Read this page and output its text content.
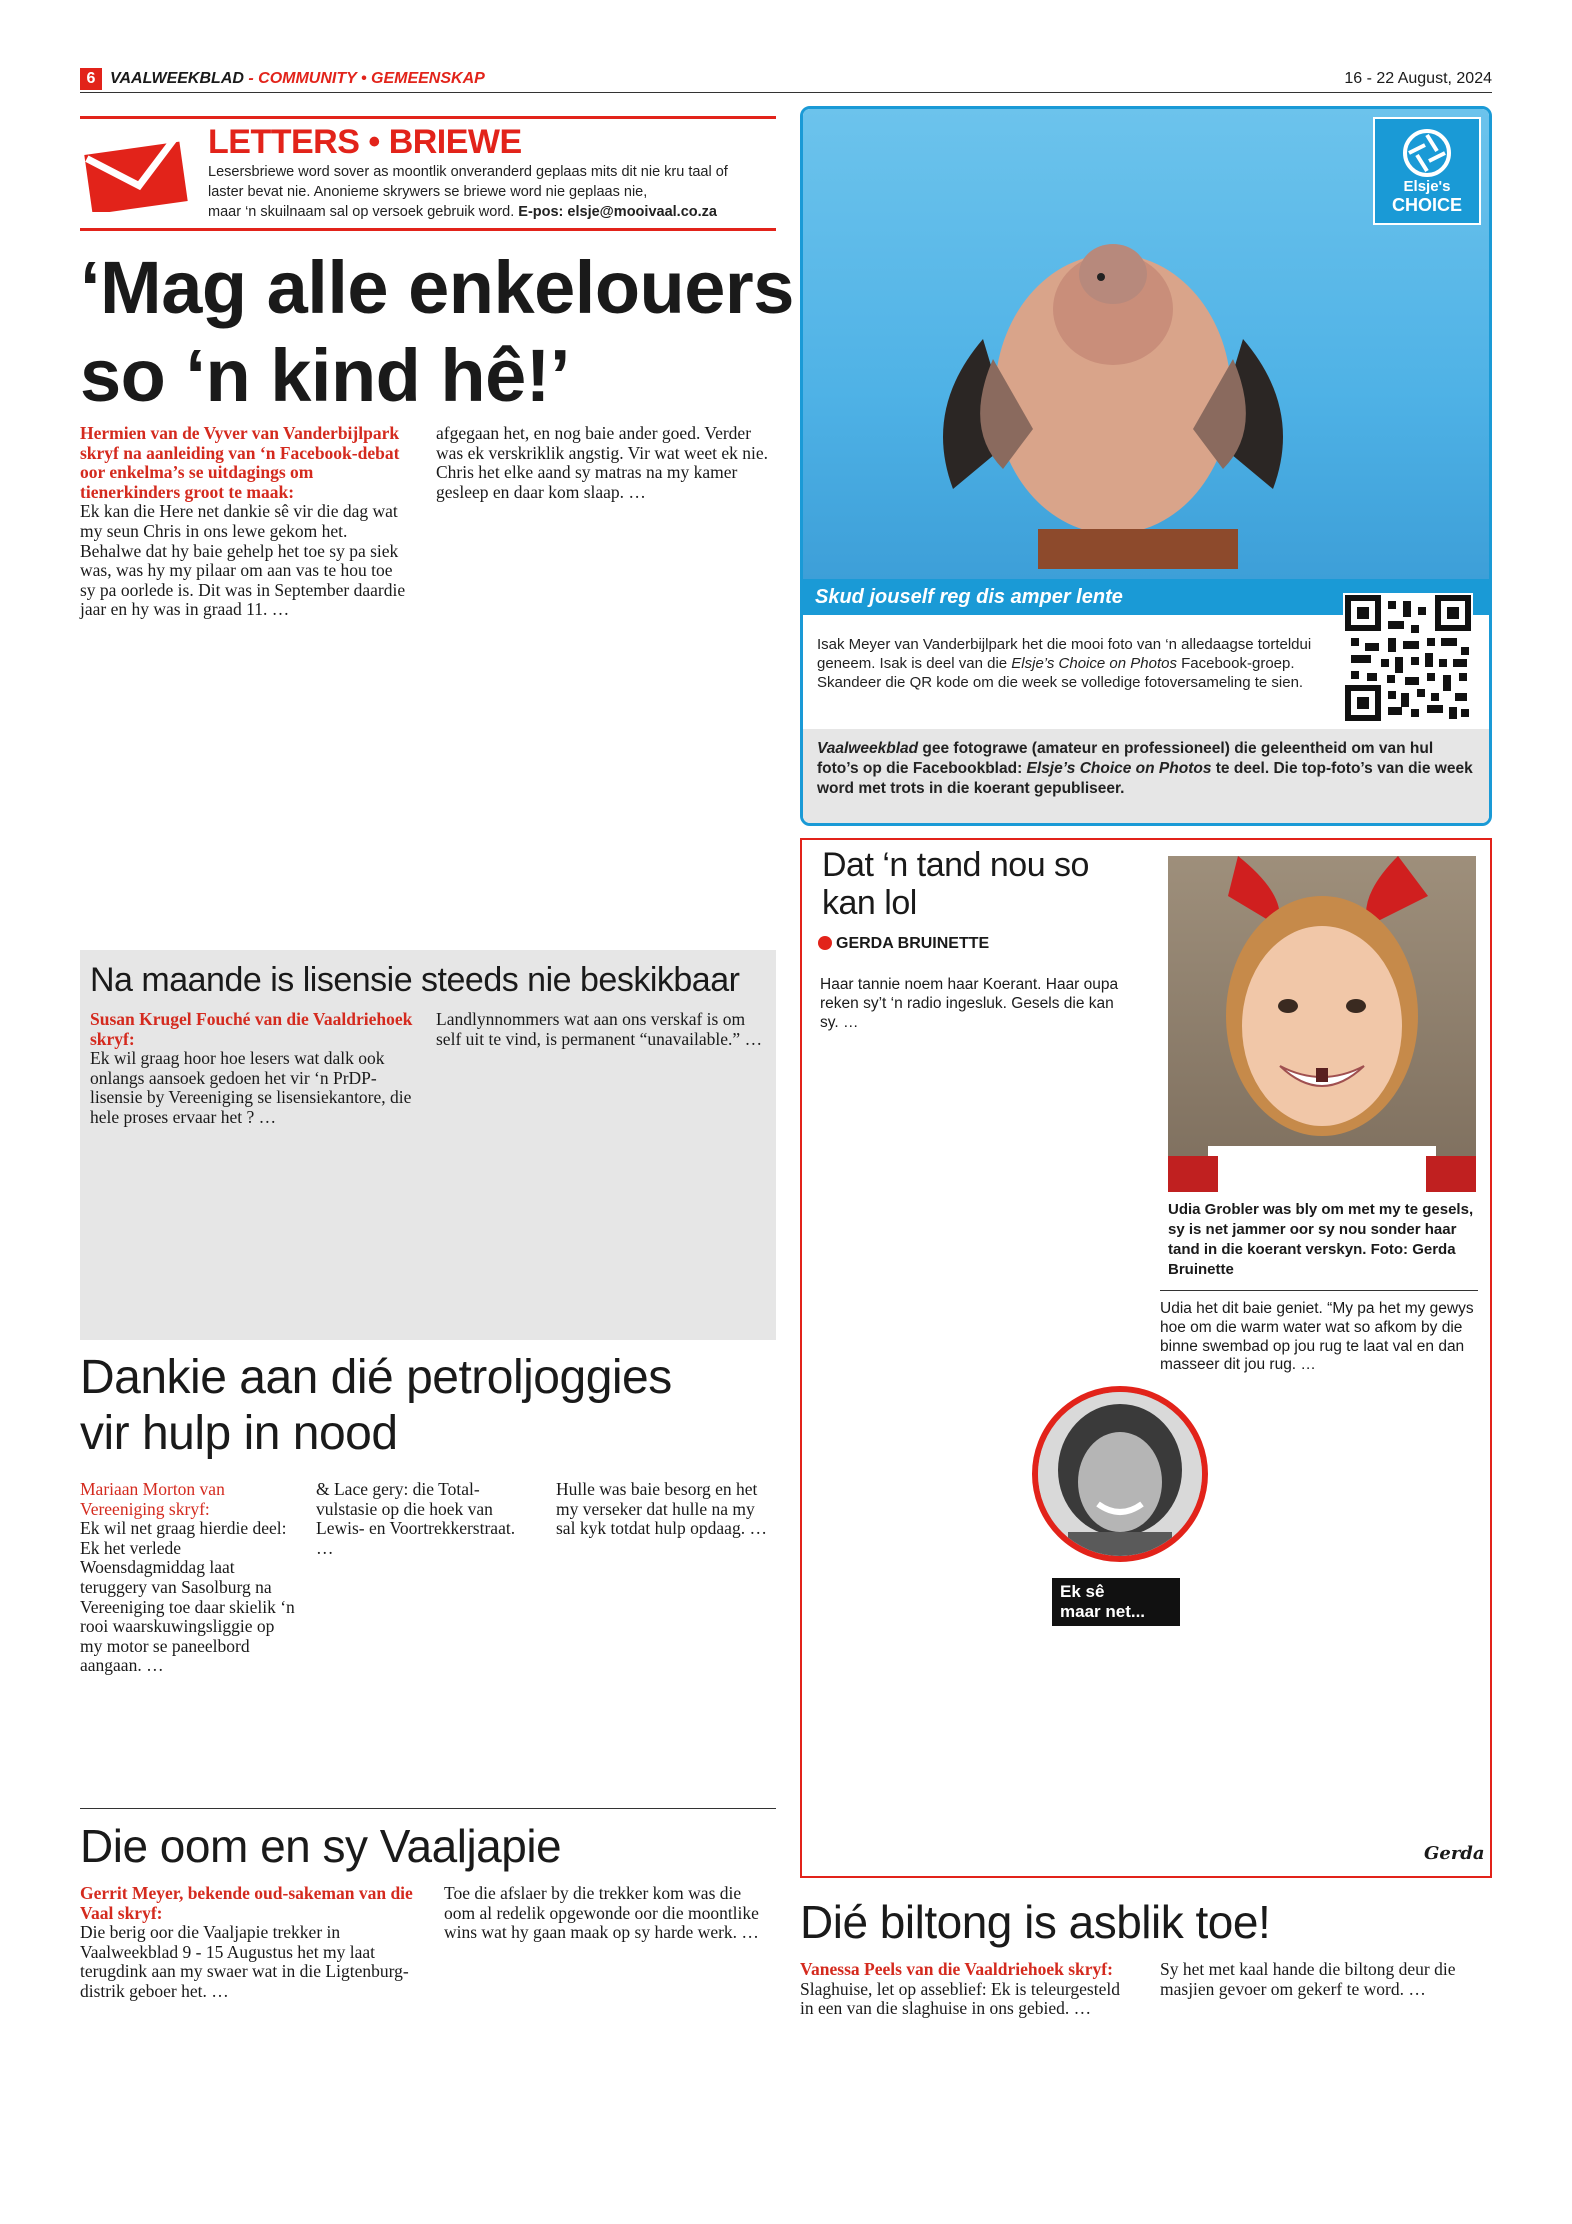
6 VAALWEEKBLAD - COMMUNITY • GEMEENSKAP	16 - 22 August, 2024
LETTERS • BRIEWE
Lesersbriewe word sover as moontlik onveranderd geplaas mits dit nie kru taal of
laster bevat nie. Anonieme skrywers se briewe word nie geplaas nie,
maar ‘n skuilnaam sal op versoek gebruik word. E-pos: elsje@mooivaal.co.za
‘Mag alle enkelouers
so ‘n kind hê!’
Hermien van de Vyver van Vanderbijlpark skryf na aanleiding van ‘n Facebook-debat oor enkelma’s se uitdagings om tienerkinders groot te maak:

Ek kan die Here net dankie sê vir die dag wat my seun Chris in ons lewe gekom het. Behalwe dat hy baie gehelp het toe sy pa siek was, was hy my pilaar om aan vas te hou toe sy pa oorlede is. Dit was in September daardie jaar en hy was in graad 11. …

afgegaan het, en nog baie ander goed. Verder was ek verskriklik angstig. Vir wat weet ek nie. Chris het elke aand sy matras na my kamer gesleep en daar kom slaap. …

Elsje's
CHOICE
Skud jouself reg dis amper lente
Isak Meyer van Vanderbijlpark het die mooi foto van ‘n alledaagse torteldui geneem. Isak is deel van die Elsje’s Choice on Photos Facebook-groep. Skandeer die QR kode om die week se volledige fotoversameling te sien.
Vaalweekblad gee fotograwe (amateur en professioneel) die geleentheid om van hul foto’s op die Facebookblad: Elsje’s Choice on Photos te deel. Die top-foto’s van die week word met trots in die koerant gepubliseer.
Na maande is lisensie steeds nie beskikbaar
Susan Krugel Fouché van die Vaaldriehoek skryf:

Ek wil graag hoor hoe lesers wat dalk ook onlangs aansoek gedoen het vir ‘n PrDP-lisensie by Vereeniging se lisensiekantore, die hele proses ervaar het ? …

Landlynnommers wat aan ons verskaf is om self uit te vind, is permanent “unavailable.” …

Dankie aan dié petroljoggies
vir hulp in nood
Mariaan Morton van Vereeniging skryf:

Ek wil net graag hierdie deel: Ek het verlede Woensdagmiddag laat teruggery van Sasolburg na Vereeniging toe daar skielik ‘n rooi waarskuwingsliggie op my motor se paneelbord aangaan. …

& Lace gery: die Total-vulstasie op die hoek van Lewis- en Voortrekkerstraat. …

Hulle was baie besorg en het my verseker dat hulle na my sal kyk totdat hulp opdaag. …

Die oom en sy Vaaljapie
Gerrit Meyer, bekende oud-sakeman van die Vaal skryf:

Die berig oor die Vaaljapie trekker in Vaalweekblad 9 - 15 Augustus het my laat terugdink aan my swaer wat in die Ligtenburg-distrik geboer het. …

Toe die afslaer by die trekker kom was die oom al redelik opgewonde oor die moontlike wins wat hy gaan maak op sy harde werk. …

Dat ‘n tand nou so
kan lol
GERDA BRUINETTE
Udia Grobler was bly om met my te gesels, sy is net jammer oor sy nou sonder haar tand in die koerant verskyn. Foto: Gerda Bruinette

Haar tannie noem haar Koerant. Haar oupa reken sy’t ‘n radio ingesluk. Gesels die kan sy. …

Udia het dit baie geniet. “My pa het my gewys hoe om die warm water wat so afkom by die binne swembad op jou rug te laat val en dan masseer dit jou rug. …

Ek sê
maar net...
Gerda
Dié biltong is asblik toe!
Vanessa Peels van die Vaaldriehoek skryf:

Slaghuise, let op asseblief: Ek is teleurgesteld in een van die slaghuise in ons gebied. …

Sy het met kaal hande die biltong deur die masjien gevoer om gekerf te word. …
